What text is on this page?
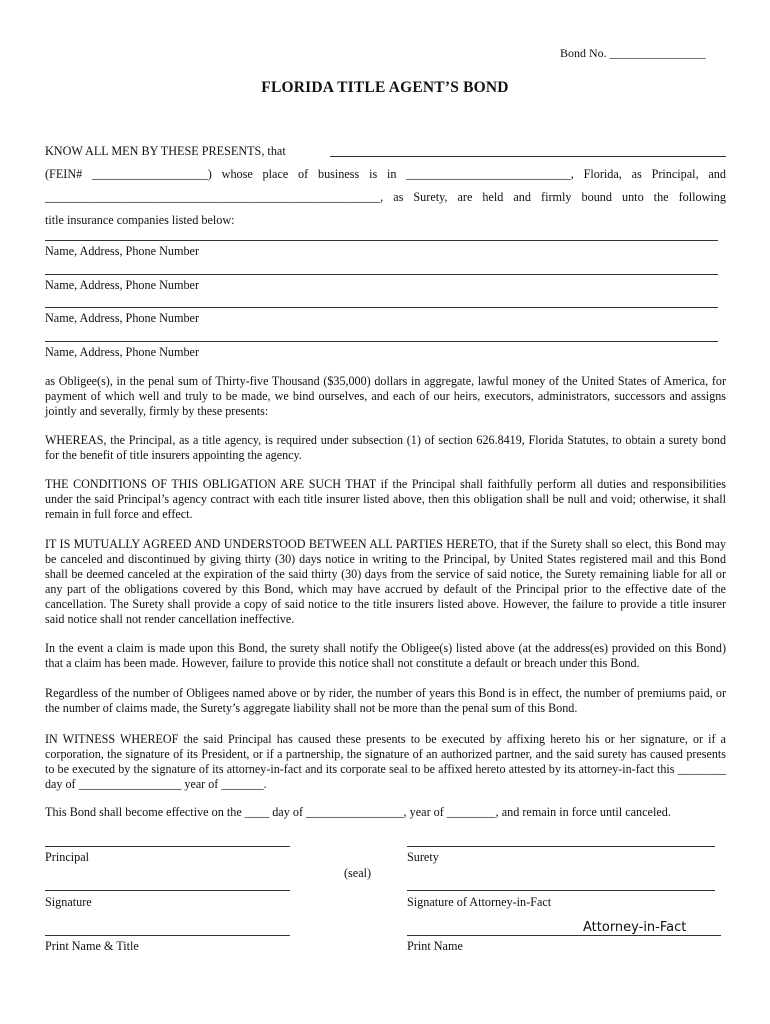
Bond No. ________________
FLORIDA TITLE AGENT’S BOND
KNOW ALL MEN BY THESE PRESENTS, that
(FEIN# ___________________) whose place of business is in ___________________________, Florida, as Principal, and
_______________________________________________________, as Surety, are held and firmly bound unto the following
title insurance companies listed below:
Name, Address, Phone Number
Name, Address, Phone Number
Name, Address, Phone Number
Name, Address, Phone Number
as Obligee(s), in the penal sum of Thirty-five Thousand ($35,000) dollars in aggregate, lawful money of the United States of America, for payment of which well and truly to be made, we bind ourselves, and each of our heirs, executors, administrators, successors and assigns jointly and severally, firmly by these presents:
WHEREAS, the Principal, as a title agency, is required under subsection (1) of section 626.8419, Florida Statutes, to obtain a surety bond for the benefit of title insurers appointing the agency.
THE CONDITIONS OF THIS OBLIGATION ARE SUCH THAT if the Principal shall faithfully perform all duties and responsibilities under the said Principal’s agency contract with each title insurer listed above, then this obligation shall be null and void; otherwise, it shall remain in full force and effect.
IT IS MUTUALLY AGREED AND UNDERSTOOD BETWEEN ALL PARTIES HERETO, that if the Surety shall so elect, this Bond may be canceled and discontinued by giving thirty (30) days notice in writing to the Principal, by United States registered mail and this Bond shall be deemed canceled at the expiration of the said thirty (30) days from the service of said notice, the Surety remaining liable for all or any part of the obligations covered by this Bond, which may have accrued by default of the Principal prior to the effective date of the cancellation. The Surety shall provide a copy of said notice to the title insurers listed above. However, the failure to provide a title insurer said notice shall not render cancellation ineffective.
In the event a claim is made upon this Bond, the surety shall notify the Obligee(s) listed above (at the address(es) provided on this Bond) that a claim has been made. However, failure to provide this notice shall not constitute a default or breach under this Bond.
Regardless of the number of Obligees named above or by rider, the number of years this Bond is in effect, the number of premiums paid, or the number of claims made, the Surety’s aggregate liability shall not be more than the penal sum of this Bond.
IN WITNESS WHEREOF the said Principal has caused these presents to be executed by affixing hereto his or her signature, or if a corporation, the signature of its President, or if a partnership, the signature of an authorized partner, and the said surety has caused presents to be executed by the signature of its attorney-in-fact and its corporate seal to be affixed hereto attested by its attorney-in-fact this ________ day of _________________ year of _______.
This Bond shall become effective on the ____ day of ________________, year of ________, and remain in force until canceled.
Principal	Surety
(seal)
Signature	Signature of Attorney-in-Fact
Print Name & Title
Attorney-in-Fact
Print Name
